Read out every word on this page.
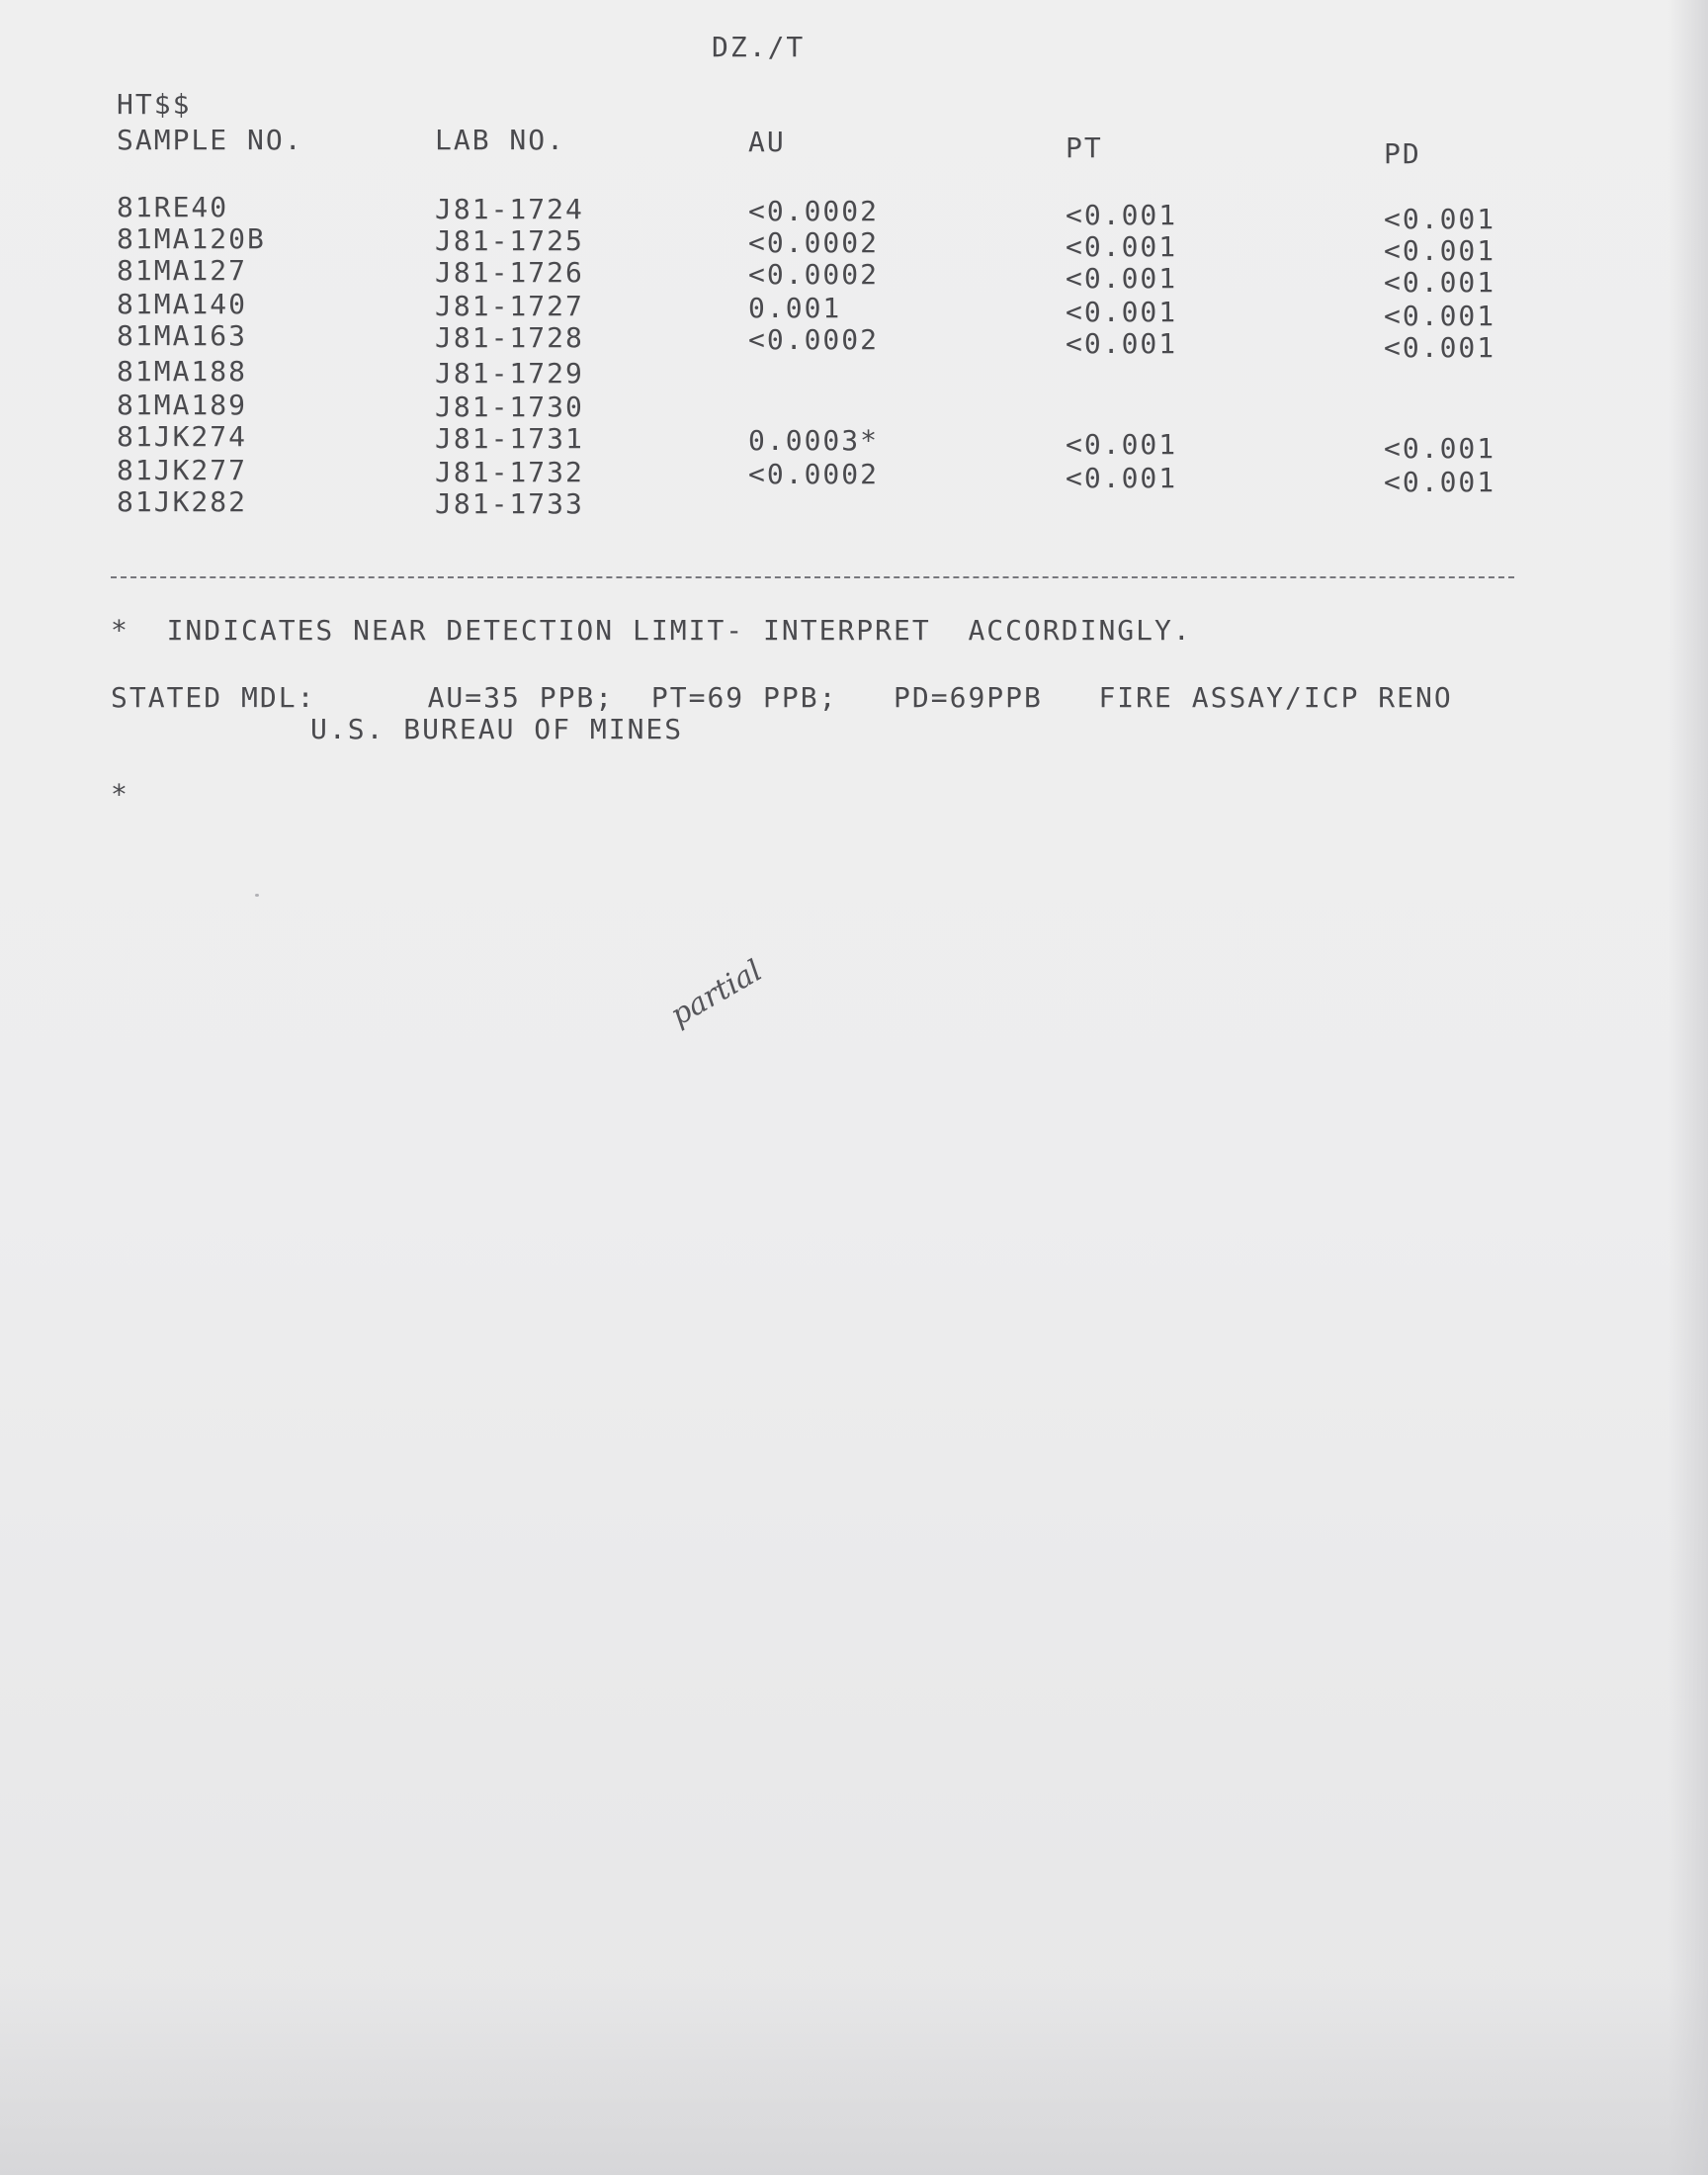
DZ./T
HT$$
SAMPLE NO.	LAB NO.	AU	PT	PD
81RE40	J81-1724	<0.0002	<0.001	<0.001
81MA120B	J81-1725	<0.0002	<0.001	<0.001
81MA127	J81-1726	<0.0002	<0.001	<0.001
81MA140	J81-1727	0.001	<0.001	<0.001
81MA163	J81-1728	<0.0002	<0.001	<0.001
81MA188	J81-1729
81MA189	J81-1730
81JK274	J81-1731	0.0003*	<0.001	<0.001
81JK277	J81-1732	<0.0002	<0.001	<0.001
81JK282	J81-1733
*  INDICATES NEAR DETECTION LIMIT- INTERPRET  ACCORDINGLY.
STATED MDL:      AU=35 PPB;  PT=69 PPB;   PD=69PPB   FIRE ASSAY/ICP RENO
U.S. BUREAU OF MINES
*
partial
